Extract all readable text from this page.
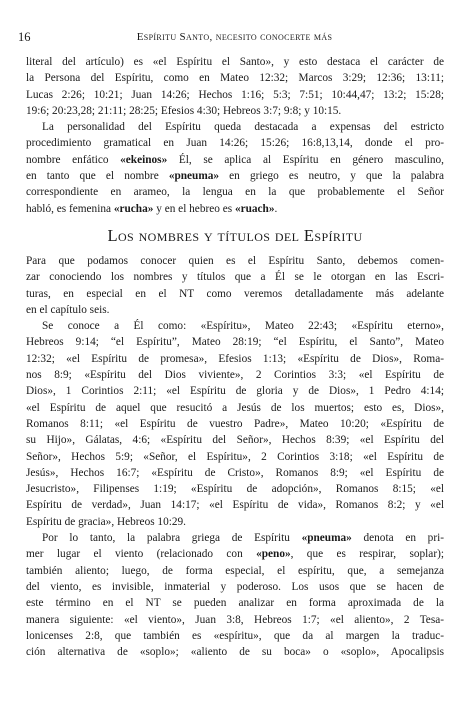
16	Espíritu Santo, necesito conocerte más

literal del artículo) es «el Espíritu el Santo», y esto destaca el carácter de
la Persona del Espíritu, como en Mateo 12:32; Marcos 3:29; 12:36; 13:11;
Lucas 2:26; 10:21; Juan 14:26; Hechos 1:16; 5:3; 7:51; 10:44,47; 13:2; 15:28;
19:6; 20:23,28; 21:11; 28:25; Efesios 4:30; Hebreos 3:7; 9:8; y 10:15.

La personalidad del Espíritu queda destacada a expensas del estricto
procedimiento gramatical en Juan 14:26; 15:26; 16:8,13,14, donde el pro-
nombre enfático «ekeinos» Él, se aplica al Espíritu en género masculino,
en tanto que el nombre «pneuma» en griego es neutro, y que la palabra
correspondiente en arameo, la lengua en la que probablemente el Señor
habló, es femenina «rucha» y en el hebreo es «ruach».

Los nombres y títulos del Espíritu

Para que podamos conocer quien es el Espíritu Santo, debemos comen-
zar conociendo los nombres y títulos que a Él se le otorgan en las Escri-
turas, en especial en el NT como veremos detalladamente más adelante
en el capítulo seis.

Se conoce a Él como: «Espíritu», Mateo 22:43; «Espíritu eterno»,
Hebreos 9:14; “el Espíritu”, Mateo 28:19; “el Espíritu, el Santo”, Mateo
12:32; «el Espíritu de promesa», Efesios 1:13; «Espíritu de Dios», Roma-
nos 8:9; «Espíritu del Dios viviente», 2 Corintios 3:3; «el Espíritu de
Dios», 1 Corintios 2:11; «el Espíritu de gloria y de Dios», 1 Pedro 4:14;
«el Espíritu de aquel que resucitó a Jesús de los muertos; esto es, Dios»,
Romanos 8:11; «el Espíritu de vuestro Padre», Mateo 10:20; «Espíritu de
su Hijo», Gálatas, 4:6; «Espíritu del Señor», Hechos 8:39; «el Espíritu del
Señor», Hechos 5:9; «Señor, el Espíritu», 2 Corintios 3:18; «el Espíritu de
Jesús», Hechos 16:7; «Espíritu de Cristo», Romanos 8:9; «el Espíritu de
Jesucristo», Filipenses 1:19; «Espíritu de adopción», Romanos 8:15; «el
Espíritu de verdad», Juan 14:17; «el Espíritu de vida», Romanos 8:2; y «el
Espíritu de gracia», Hebreos 10:29.

Por lo tanto, la palabra griega de Espíritu «pneuma» denota en pri-
mer lugar el viento (relacionado con «peno», que es respirar, soplar);
también aliento; luego, de forma especial, el espíritu, que, a semejanza
del viento, es invisible, inmaterial y poderoso. Los usos que se hacen de
este término en el NT se pueden analizar en forma aproximada de la
manera siguiente: «el viento», Juan 3:8, Hebreos 1:7; «el aliento», 2 Tesa-
lonicenses 2:8, que también es «espíritu», que da al margen la traduc-
ción alternativa de «soplo»; «aliento de su boca» o «soplo», Apocalipsis
